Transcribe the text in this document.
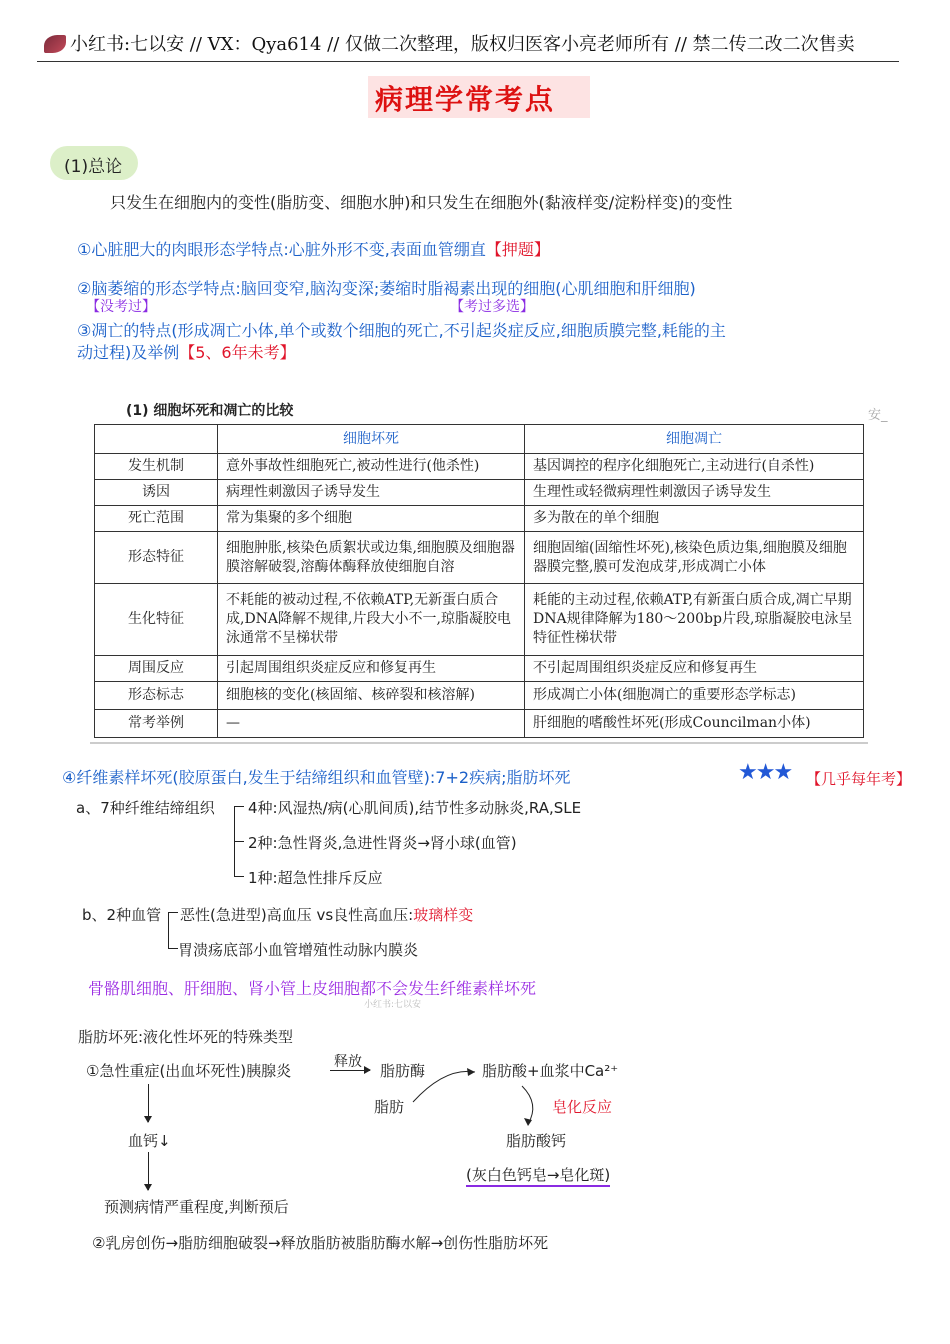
小红书:七以安 // VX：Qya614 // 仅做二次整理，版权归医客小亮老师所有 // 禁二传二改二次售卖
病理学常考点
(1)总论
只发生在细胞内的变性(脂肪变、细胞水肿)和只发生在细胞外(黏液样变/淀粉样变)的变性
①心脏肥大的肉眼形态学特点:心脏外形不变,表面血管绷直【押题】
②脑萎缩的形态学特点:脑回变窄,脑沟变深;萎缩时脂褐素出现的细胞(心肌细胞和肝细胞)
【没考过】	【考过多选】
③凋亡的特点(形成凋亡小体,单个或数个细胞的死亡,不引起炎症反应,细胞质膜完整,耗能的主
动过程)及举例【5、6年未考】
(1) 细胞坏死和凋亡的比较	安_
	细胞坏死	细胞凋亡
发生机制	意外事故性细胞死亡,被动性进行(他杀性)	基因调控的程序化细胞死亡,主动进行(自杀性)
诱因	病理性刺激因子诱导发生	生理性或轻微病理性刺激因子诱导发生
死亡范围	常为集聚的多个细胞	多为散在的单个细胞
形态特征	细胞肿胀,核染色质絮状或边集,细胞膜及细胞器膜溶解破裂,溶酶体酶释放使细胞自溶	细胞固缩(固缩性坏死),核染色质边集,细胞膜及细胞器膜完整,膜可发泡成芽,形成凋亡小体
生化特征	不耗能的被动过程,不依赖ATP,无新蛋白质合成,DNA降解不规律,片段大小不一,琼脂凝胶电泳通常不呈梯状带	耗能的主动过程,依赖ATP,有新蛋白质合成,凋亡早期DNA规律降解为180～200bp片段,琼脂凝胶电泳呈特征性梯状带
周围反应	引起周围组织炎症反应和修复再生	不引起周围组织炎症反应和修复再生
形态标志	细胞核的变化(核固缩、核碎裂和核溶解)	形成凋亡小体(细胞凋亡的重要形态学标志)
常考举例	—	肝细胞的嗜酸性坏死(形成Councilman小体)
④纤维素样坏死(胶原蛋白,发生于结缔组织和血管壁):7+2疾病;脂肪坏死	★★★ 【几乎每年考】
a、7种纤维结缔组织 4种:风湿热/病(心肌间质),结节性多动脉炎,RA,SLE
2种:急性肾炎,急进性肾炎→肾小球(血管)
1种:超急性排斥反应
b、2种血管 恶性(急进型)高血压 vs良性高血压:玻璃样变
胃溃疡底部小血管增殖性动脉内膜炎
骨骼肌细胞、肝细胞、肾小管上皮细胞都不会发生纤维素样坏死
小红书:七以安
脂肪坏死:液化性坏死的特殊类型
①急性重症(出血坏死性)胰腺炎	释放 脂肪酶	脂肪酸+血浆中Ca²⁺
脂肪	皂化反应
血钙↓	脂肪酸钙
(灰白色钙皂→皂化斑)
预测病情严重程度,判断预后
②乳房创伤→脂肪细胞破裂→释放脂肪被脂肪酶水解→创伤性脂肪坏死
